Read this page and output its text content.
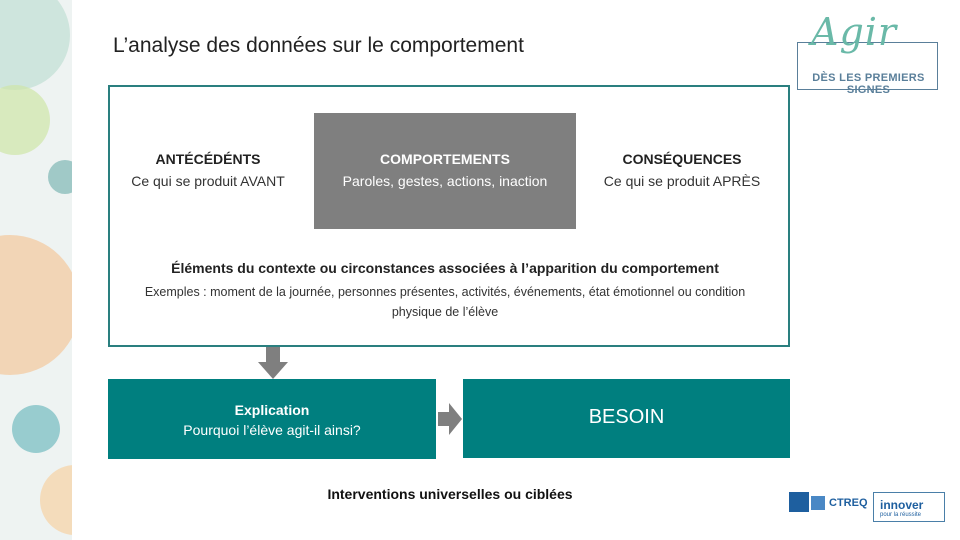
L’analyse des données sur le comportement	Agir
DÈS LES PREMIERS SIGNES
ANTÉCÉDÉNTS
Ce qui se produit AVANT
COMPORTEMENTS
Paroles, gestes, actions, inaction
CONSÉQUENCES
Ce qui se produit APRÈS
Éléments du contexte ou circonstances associées à l’apparition du comportement
Exemples : moment de la journée, personnes présentes, activités, événements, état émotionnel ou condition physique de l’élève
Explication
Pourquoi l’élève agit-il ainsi?
BESOIN
Interventions universelles ou ciblées
CTREQ innover
pour la réussite
